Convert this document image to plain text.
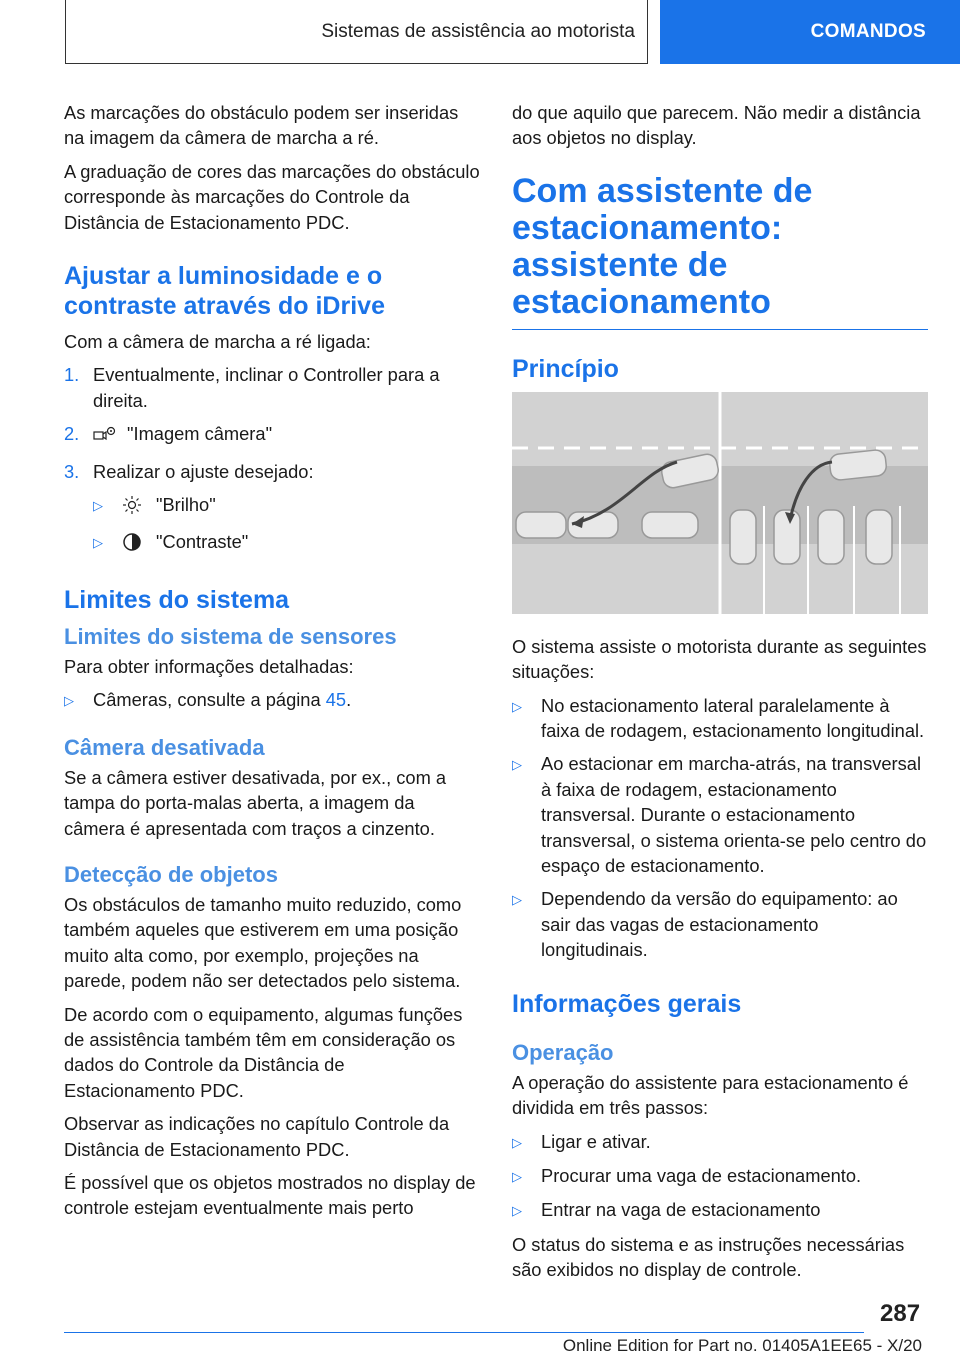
Sistemas de assistência ao motorista	COMANDOS

As marcações do obstáculo podem ser inseridas na imagem da câmera de marcha a ré.

A graduação de cores das marcações do obstáculo corresponde às marcações do Controle da Distância de Estacionamento PDC.

Ajustar a luminosidade e o contraste através do iDrive

Com a câmera de marcha a ré ligada:

1. Eventualmente, inclinar o Controller para a direita.
2.	"Imagem câmera"
3. Realizar o ajuste desejado:
▷	"Brilho"
▷	"Contraste"
Limites do sistema
Limites do sistema de sensores

Para obter informações detalhadas:

▷	Câmeras, consulte a página 45.
Câmera desativada

Se a câmera estiver desativada, por ex., com a tampa do porta-malas aberta, a imagem da câmera é apresentada com traços a cinzento.

Detecção de objetos

Os obstáculos de tamanho muito reduzido, como também aqueles que estiverem em uma posição muito alta como, por exemplo, projeções na parede, podem não ser detectados pelo sistema.

De acordo com o equipamento, algumas funções de assistência também têm em consideração os dados do Controle da Distância de Estacionamento PDC.

Observar as indicações no capítulo Controle da Distância de Estacionamento PDC.

É possível que os objetos mostrados no display de controle estejam eventualmente mais perto

do que aquilo que parecem. Não medir a distância aos objetos no display.

Com assistente de estacionamento: assistente de estacionamento
Princípio

O sistema assiste o motorista durante as seguintes situações:

▷	No estacionamento lateral paralelamente à faixa de rodagem, estacionamento longitudinal.
▷	Ao estacionar em marcha-atrás, na transversal à faixa de rodagem, estacionamento transversal. Durante o estacionamento transversal, o sistema orienta-se pelo centro do espaço de estacionamento.
▷	Dependendo da versão do equipamento: ao sair das vagas de estacionamento longitudinais.
Informações gerais
Operação

A operação do assistente para estacionamento é dividida em três passos:

▷	Ligar e ativar.
▷	Procurar uma vaga de estacionamento.
▷	Entrar na vaga de estacionamento

O status do sistema e as instruções necessárias são exibidos no display de controle.

287
Online Edition for Part no. 01405A1EE65 - X/20
